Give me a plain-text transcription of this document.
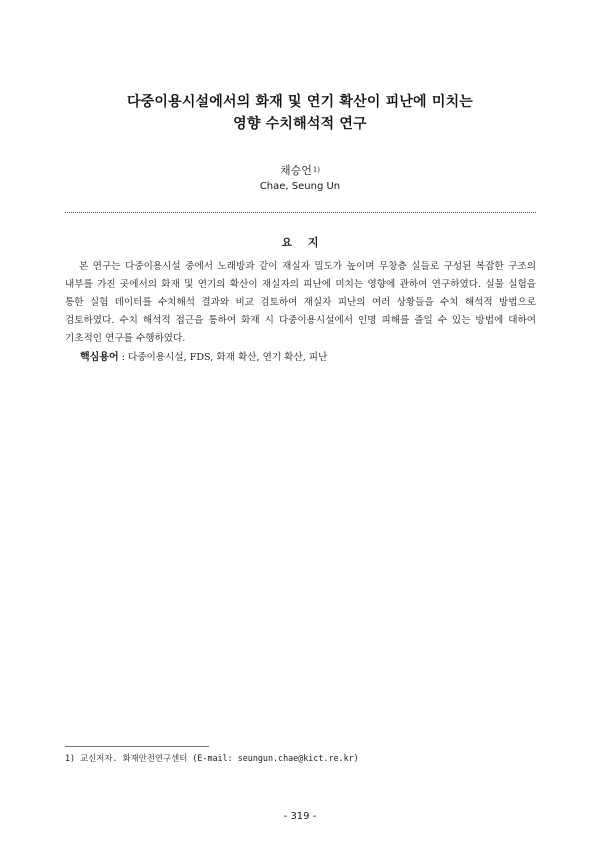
다중이용시설에서의 화재 및 연기 확산이 피난에 미치는
영향 수치해석적 연구
채승언$^{1)}$
Chae, Seung Un
요 지

본 연구는 다중이용시설 중에서 노래방과 같이 재실자 밀도가 높이며 무창층 실들로 구성된 복잡한 구조의 내부를 가진 곳에서의 화재 및 연기의 확산이 재실자의 피난에 미치는 영향에 관하여 연구하였다. 실물 실험을 통한 실험 데이터를 수치해석 결과와 비교 검토하여 재실자 피난의 여러 상황들을 수치 해석적 방법으로 검토하였다. 수치 해석적 접근을 통하여 화재 시 다중이용시설에서 인명 피해를 줄일 수 있는 방법에 대하여 기초적인 연구를 수행하였다.

핵심용어 : 다중이용시설, FDS, 화재 확산, 연기 확산, 피난
1) 교신저자. 화재안전연구센터 (E-mail: seungun.chae@kict.re.kr)
- 319 -
